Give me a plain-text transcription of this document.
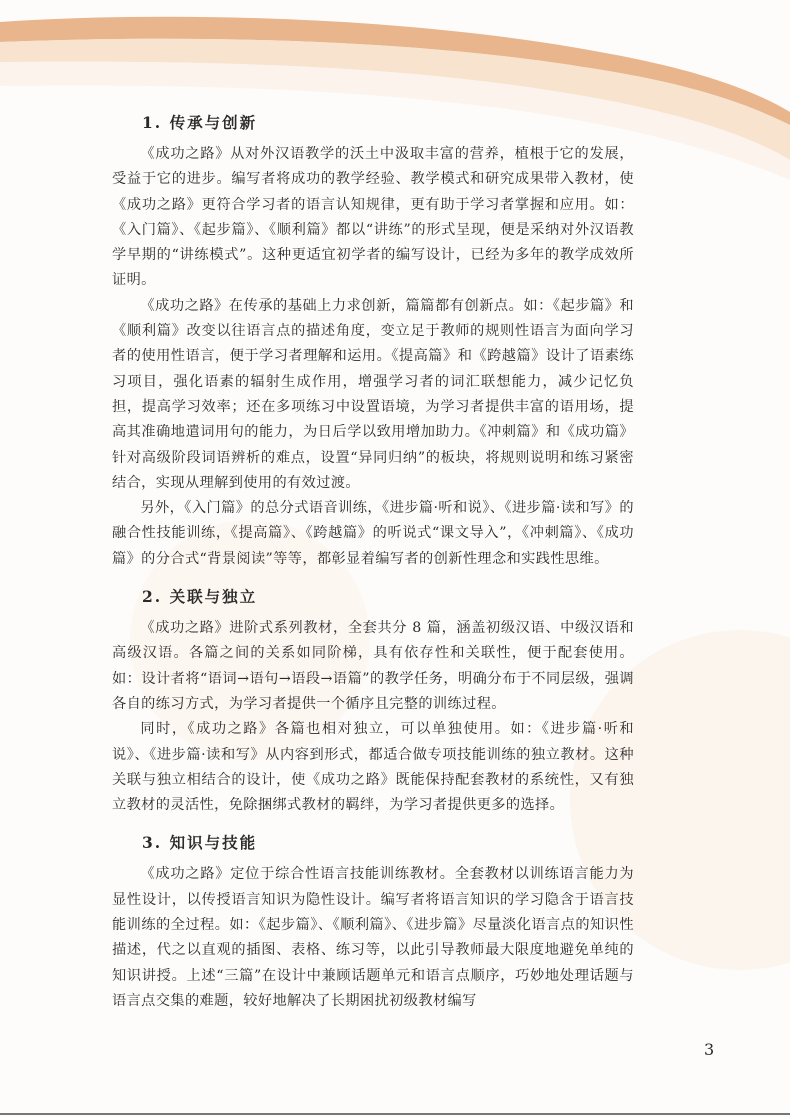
1. 传承与创新

《成功之路》从对外汉语教学的沃土中汲取丰富的营养，植根于它的发展，受益于它的进步。编写者将成功的教学经验、教学模式和研究成果带入教材，使《成功之路》更符合学习者的语言认知规律，更有助于学习者掌握和应用。如：《入门篇》、《起步篇》、《顺利篇》都以“讲练”的形式呈现，便是采纳对外汉语教学早期的“讲练模式”。这种更适宜初学者的编写设计，已经为多年的教学成效所证明。

《成功之路》在传承的基础上力求创新，篇篇都有创新点。如：《起步篇》和《顺利篇》改变以往语言点的描述角度，变立足于教师的规则性语言为面向学习者的使用性语言，便于学习者理解和运用。《提高篇》和《跨越篇》设计了语素练习项目，强化语素的辐射生成作用，增强学习者的词汇联想能力，减少记忆负担，提高学习效率；还在多项练习中设置语境，为学习者提供丰富的语用场，提高其准确地遣词用句的能力，为日后学以致用增加助力。《冲刺篇》和《成功篇》针对高级阶段词语辨析的难点，设置“异同归纳”的板块，将规则说明和练习紧密结合，实现从理解到使用的有效过渡。

另外，《入门篇》的总分式语音训练，《进步篇·听和说》、《进步篇·读和写》的融合性技能训练，《提高篇》、《跨越篇》的听说式“课文导入”，《冲刺篇》、《成功篇》的分合式“背景阅读”等等，都彰显着编写者的创新性理念和实践性思维。

2. 关联与独立

《成功之路》进阶式系列教材，全套共分 8 篇，涵盖初级汉语、中级汉语和高级汉语。各篇之间的关系如同阶梯，具有依存性和关联性，便于配套使用。如：设计者将“语词→语句→语段→语篇”的教学任务，明确分布于不同层级，强调各自的练习方式，为学习者提供一个循序且完整的训练过程。

同时，《成功之路》各篇也相对独立，可以单独使用。如：《进步篇·听和说》、《进步篇·读和写》从内容到形式，都适合做专项技能训练的独立教材。这种关联与独立相结合的设计，使《成功之路》既能保持配套教材的系统性，又有独立教材的灵活性，免除捆绑式教材的羁绊，为学习者提供更多的选择。

3. 知识与技能

《成功之路》定位于综合性语言技能训练教材。全套教材以训练语言能力为显性设计，以传授语言知识为隐性设计。编写者将语言知识的学习隐含于语言技能训练的全过程。如：《起步篇》、《顺利篇》、《进步篇》尽量淡化语言点的知识性描述，代之以直观的插图、表格、练习等，以此引导教师最大限度地避免单纯的知识讲授。上述“三篇”在设计中兼顾话题单元和语言点顺序，巧妙地处理话题与语言点交集的难题，较好地解决了长期困扰初级教材编写

3
